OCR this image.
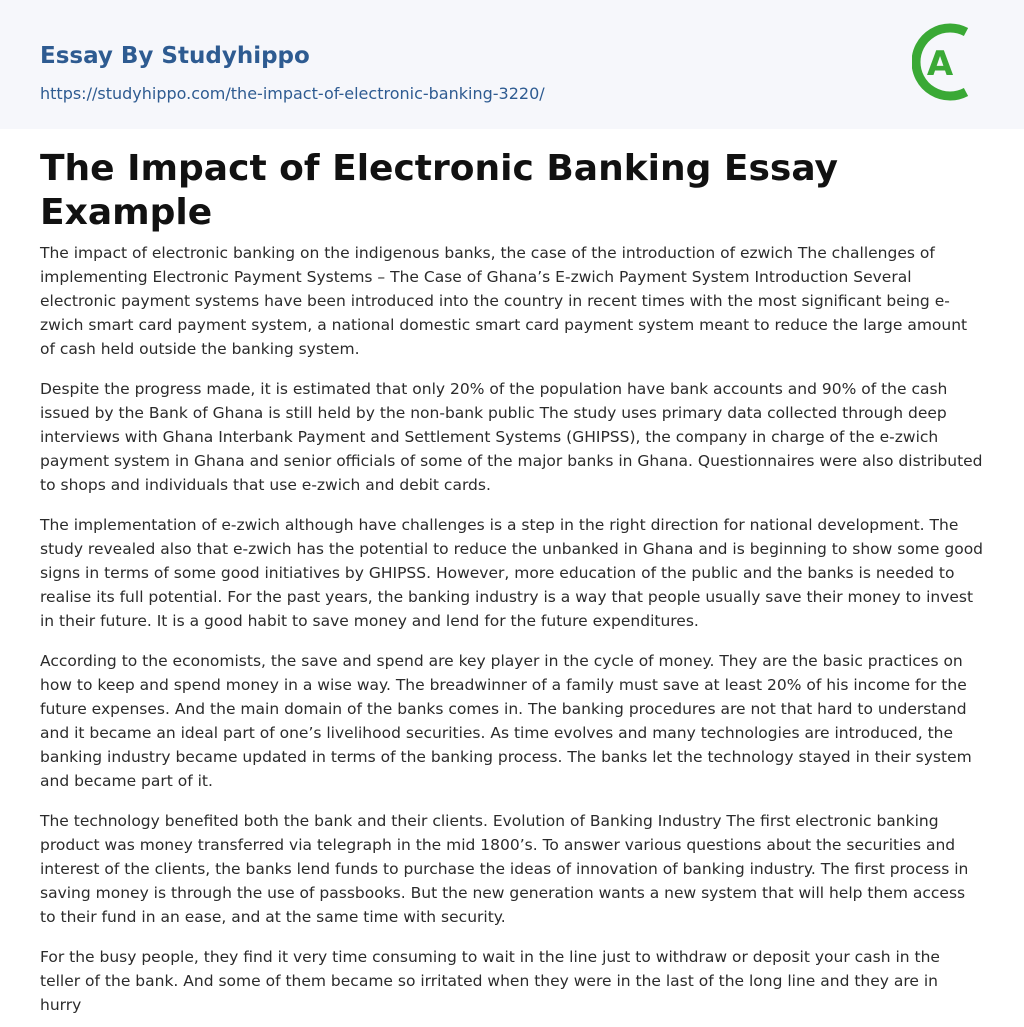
Essay By Studyhippo
https://studyhippo.com/the-impact-of-electronic-banking-3220/
A
The Impact of Electronic Banking Essay Example

The impact of electronic banking on the indigenous banks, the case of the introduction of ezwich The challenges of implementing Electronic Payment Systems – The Case of Ghana’s E-zwich Payment System Introduction Several electronic payment systems have been introduced into the country in recent times with the most significant being e-zwich smart card payment system, a national domestic smart card payment system meant to reduce the large amount of cash held outside the banking system.

Despite the progress made, it is estimated that only 20% of the population have bank accounts and 90% of the cash issued by the Bank of Ghana is still held by the non-bank public The study uses primary data collected through deep interviews with Ghana Interbank Payment and Settlement Systems (GHIPSS), the company in charge of the e-zwich payment system in Ghana and senior officials of some of the major banks in Ghana. Questionnaires were also distributed to shops and individuals that use e-zwich and debit cards.

The implementation of e-zwich although have challenges is a step in the right direction for national development. The study revealed also that e-zwich has the potential to reduce the unbanked in Ghana and is beginning to show some good signs in terms of some good initiatives by GHIPSS. However, more education of the public and the banks is needed to realise its full potential. For the past years, the banking industry is a way that people usually save their money to invest in their future. It is a good habit to save money and lend for the future expenditures.

According to the economists, the save and spend are key player in the cycle of money. They are the basic practices on how to keep and spend money in a wise way. The breadwinner of a family must save at least 20% of his income for the future expenses. And the main domain of the banks comes in. The banking procedures are not that hard to understand and it became an ideal part of one’s livelihood securities. As time evolves and many technologies are introduced, the banking industry became updated in terms of the banking process. The banks let the technology stayed in their system and became part of it.

The technology benefited both the bank and their clients. Evolution of Banking Industry The first electronic banking product was money transferred via telegraph in the mid 1800’s. To answer various questions about the securities and interest of the clients, the banks lend funds to purchase the ideas of innovation of banking industry. The first process in saving money is through the use of passbooks. But the new generation wants a new system that will help them access to their fund in an ease, and at the same time with security.

For the busy people, they find it very time consuming to wait in the line just to withdraw or deposit your cash in the teller of the bank. And some of them became so irritated when they were in the last of the long line and they are in hurry
